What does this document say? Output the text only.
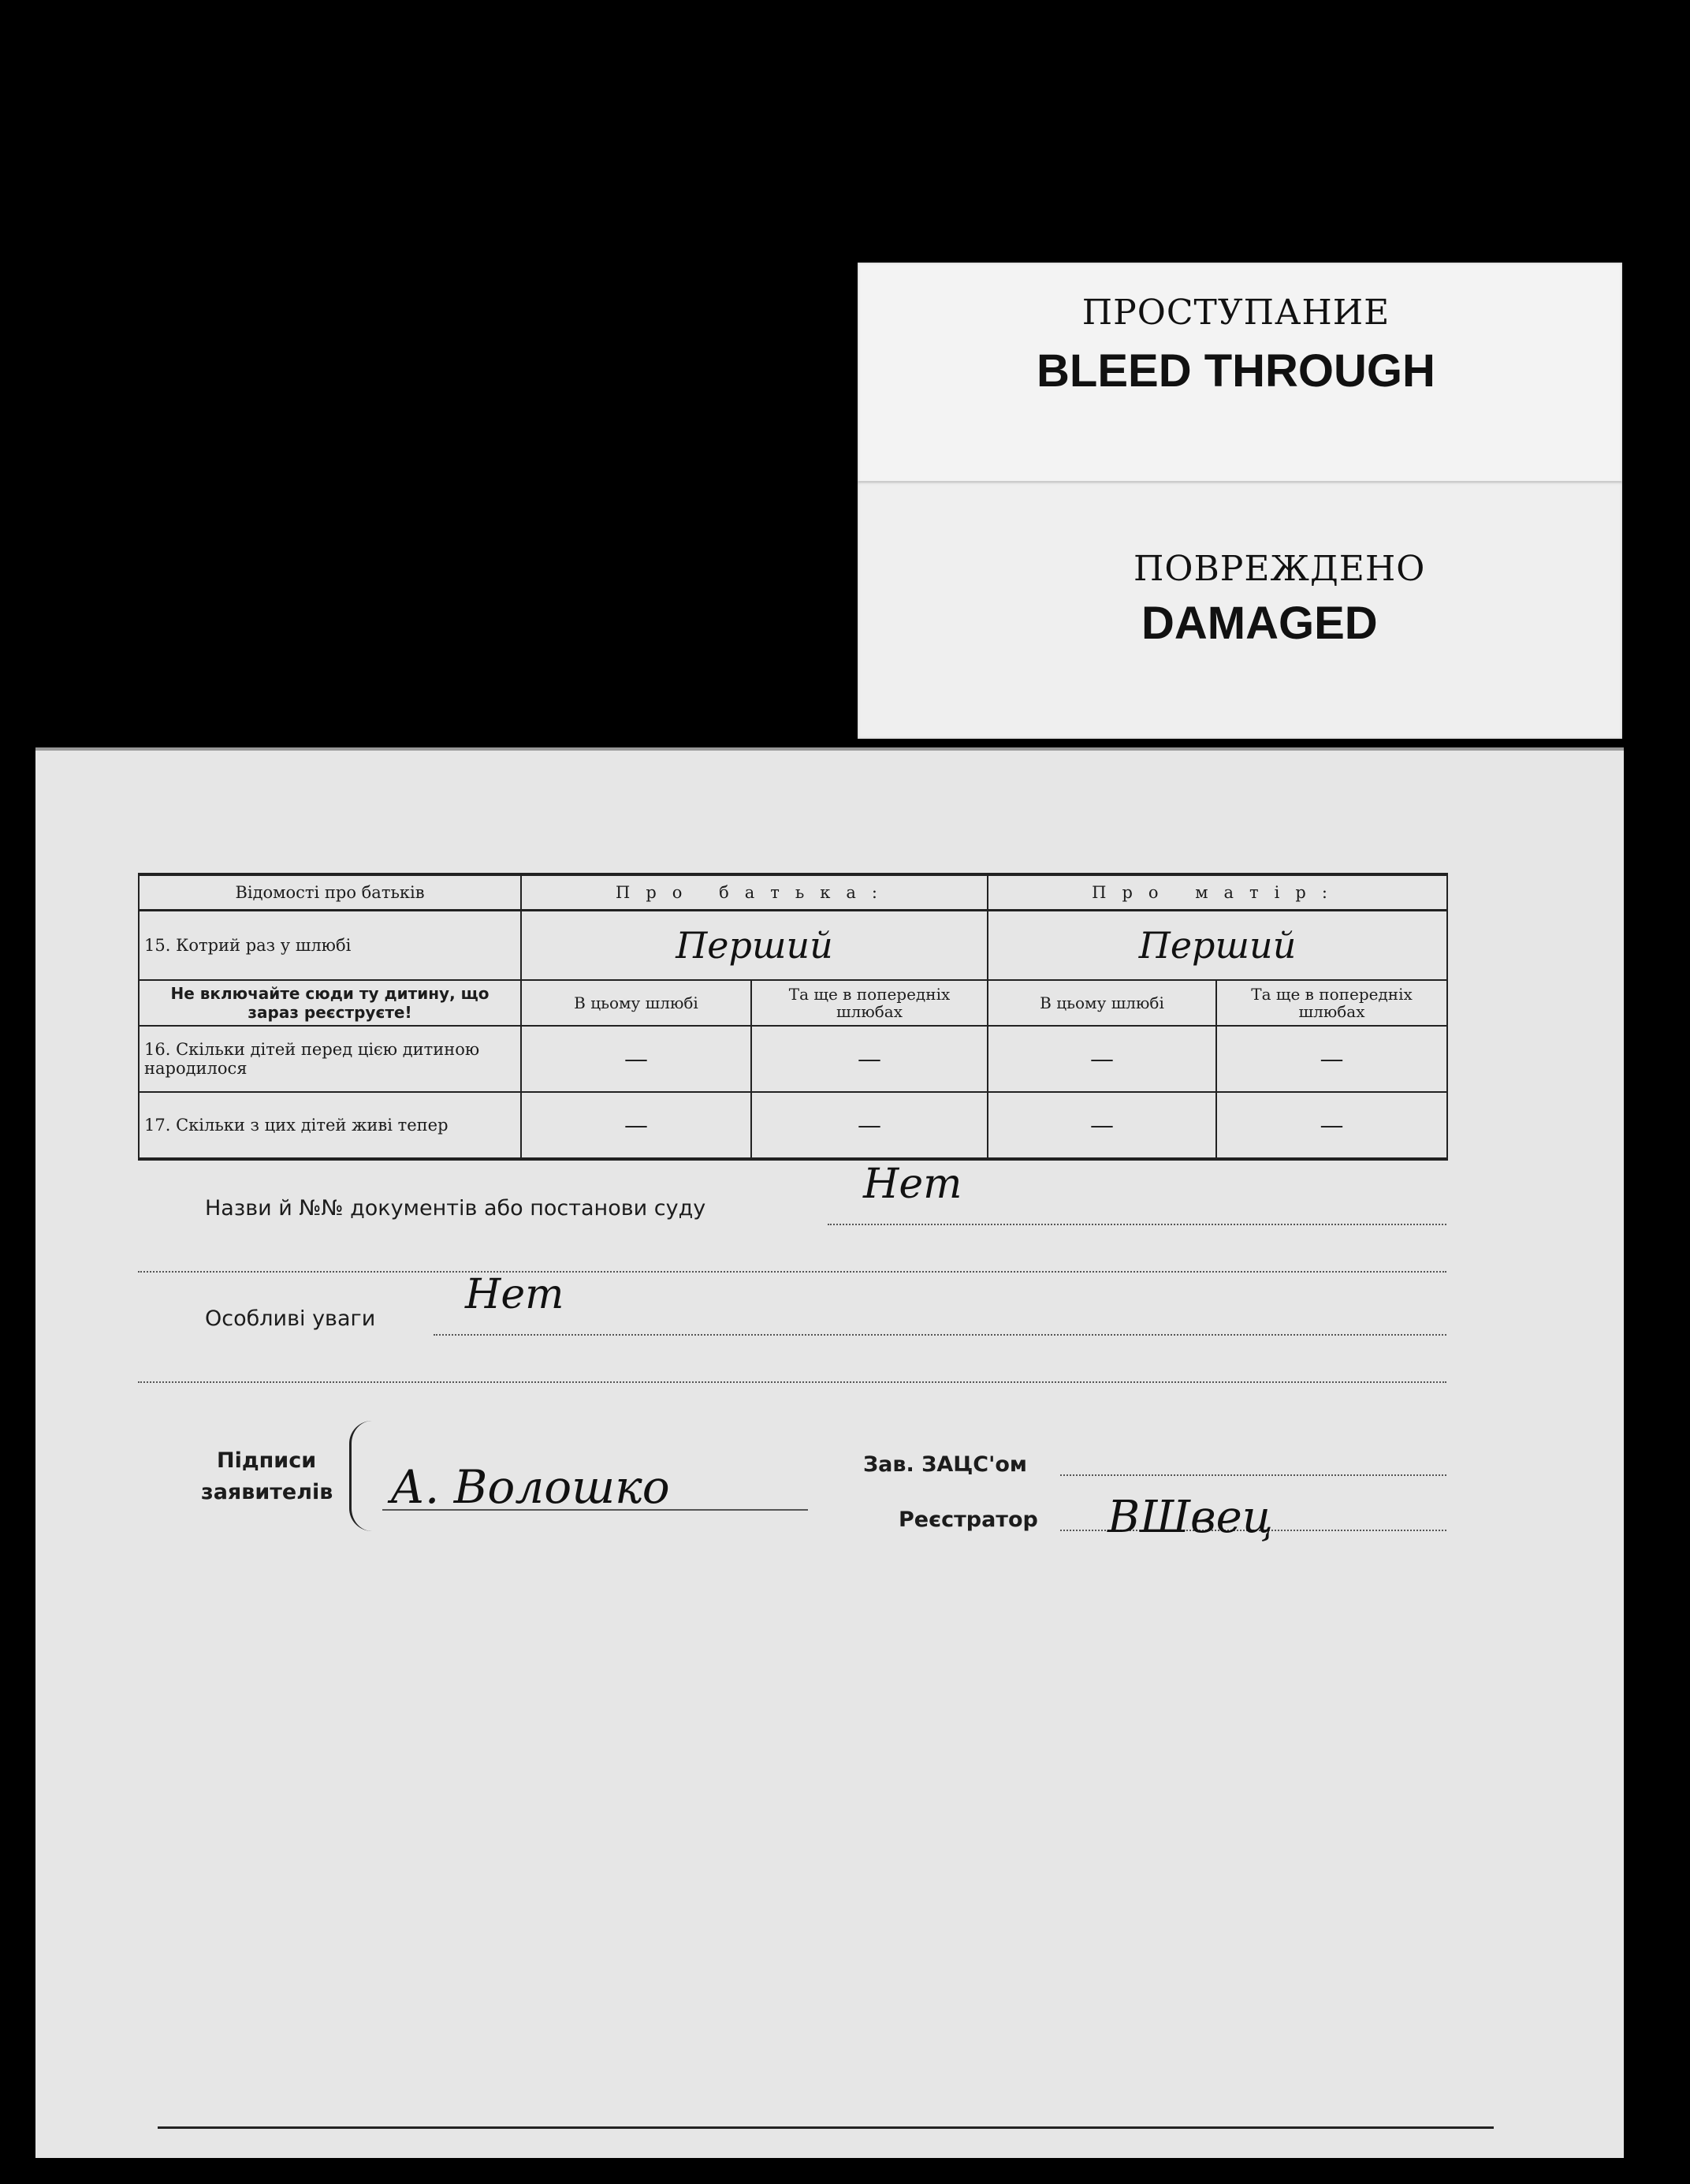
ПРОСТУПАНИЕ
BLEED THROUGH
ПОВРЕЖДЕНО
DAMAGED
Відомості про батьків	Про батька:		Про матір:	
15. Котрий раз у шлюбі	Перший		Перший	
Не включайте сюди ту дитину, що зараз реєструєте!	В цьому шлюбі	Та ще в попередніх шлюбах	В цьому шлюбі	Та ще в попередніх шлюбах
16. Скільки дітей перед цією дитиною народилося	—	—	—	—
17. Скільки з цих дітей живі тепер	—	—	—	—
Назви й №№ документів або постанови суду
Нет
Особливі уваги
Нет
Підписи
заявителів А. Волошко	Зав. ЗАЦС'ом
Реєстратор ВШвец
